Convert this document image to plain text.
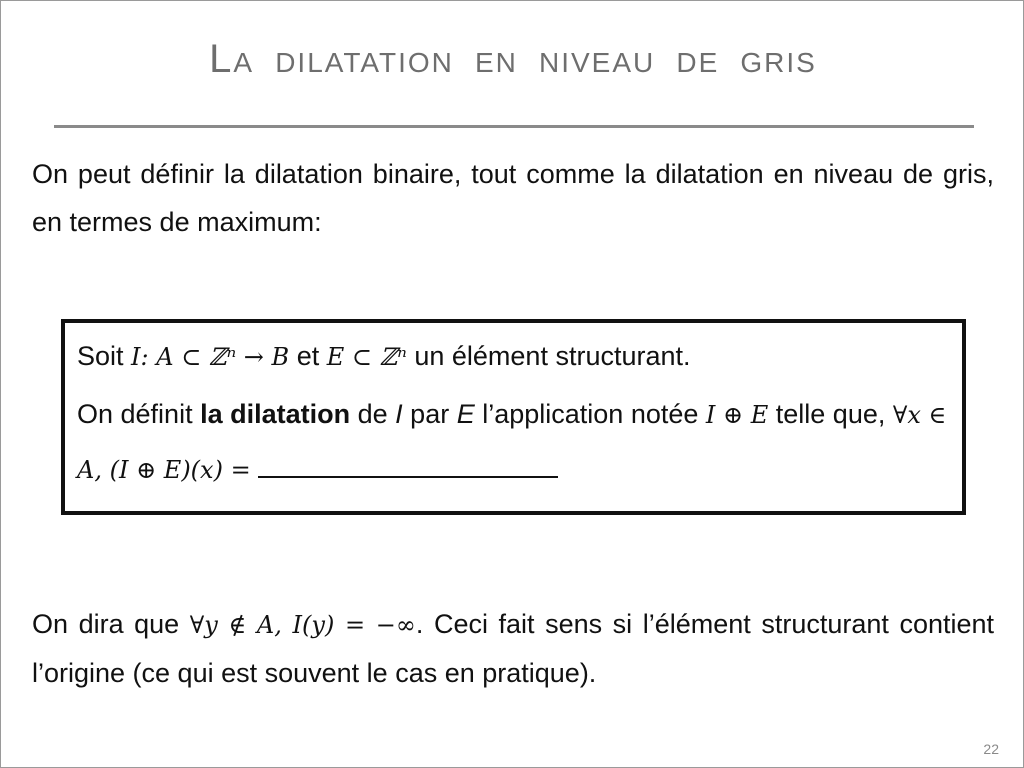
La dilatation en niveau de gris

On peut définir la dilatation binaire, tout comme la dilatation en niveau de gris, en termes de maximum:

Soit I: A ⊂ ℤⁿ → B et E ⊂ ℤⁿ un élément structurant.

On définit la dilatation de I par E l’application notée I ⊕ E telle que, ∀x ∈ A, (I ⊕ E)(x) =

On dira que ∀y ∉ A, I(y) = −∞. Ceci fait sens si l’élément structurant contient l’origine (ce qui est souvent le cas en pratique).

22
